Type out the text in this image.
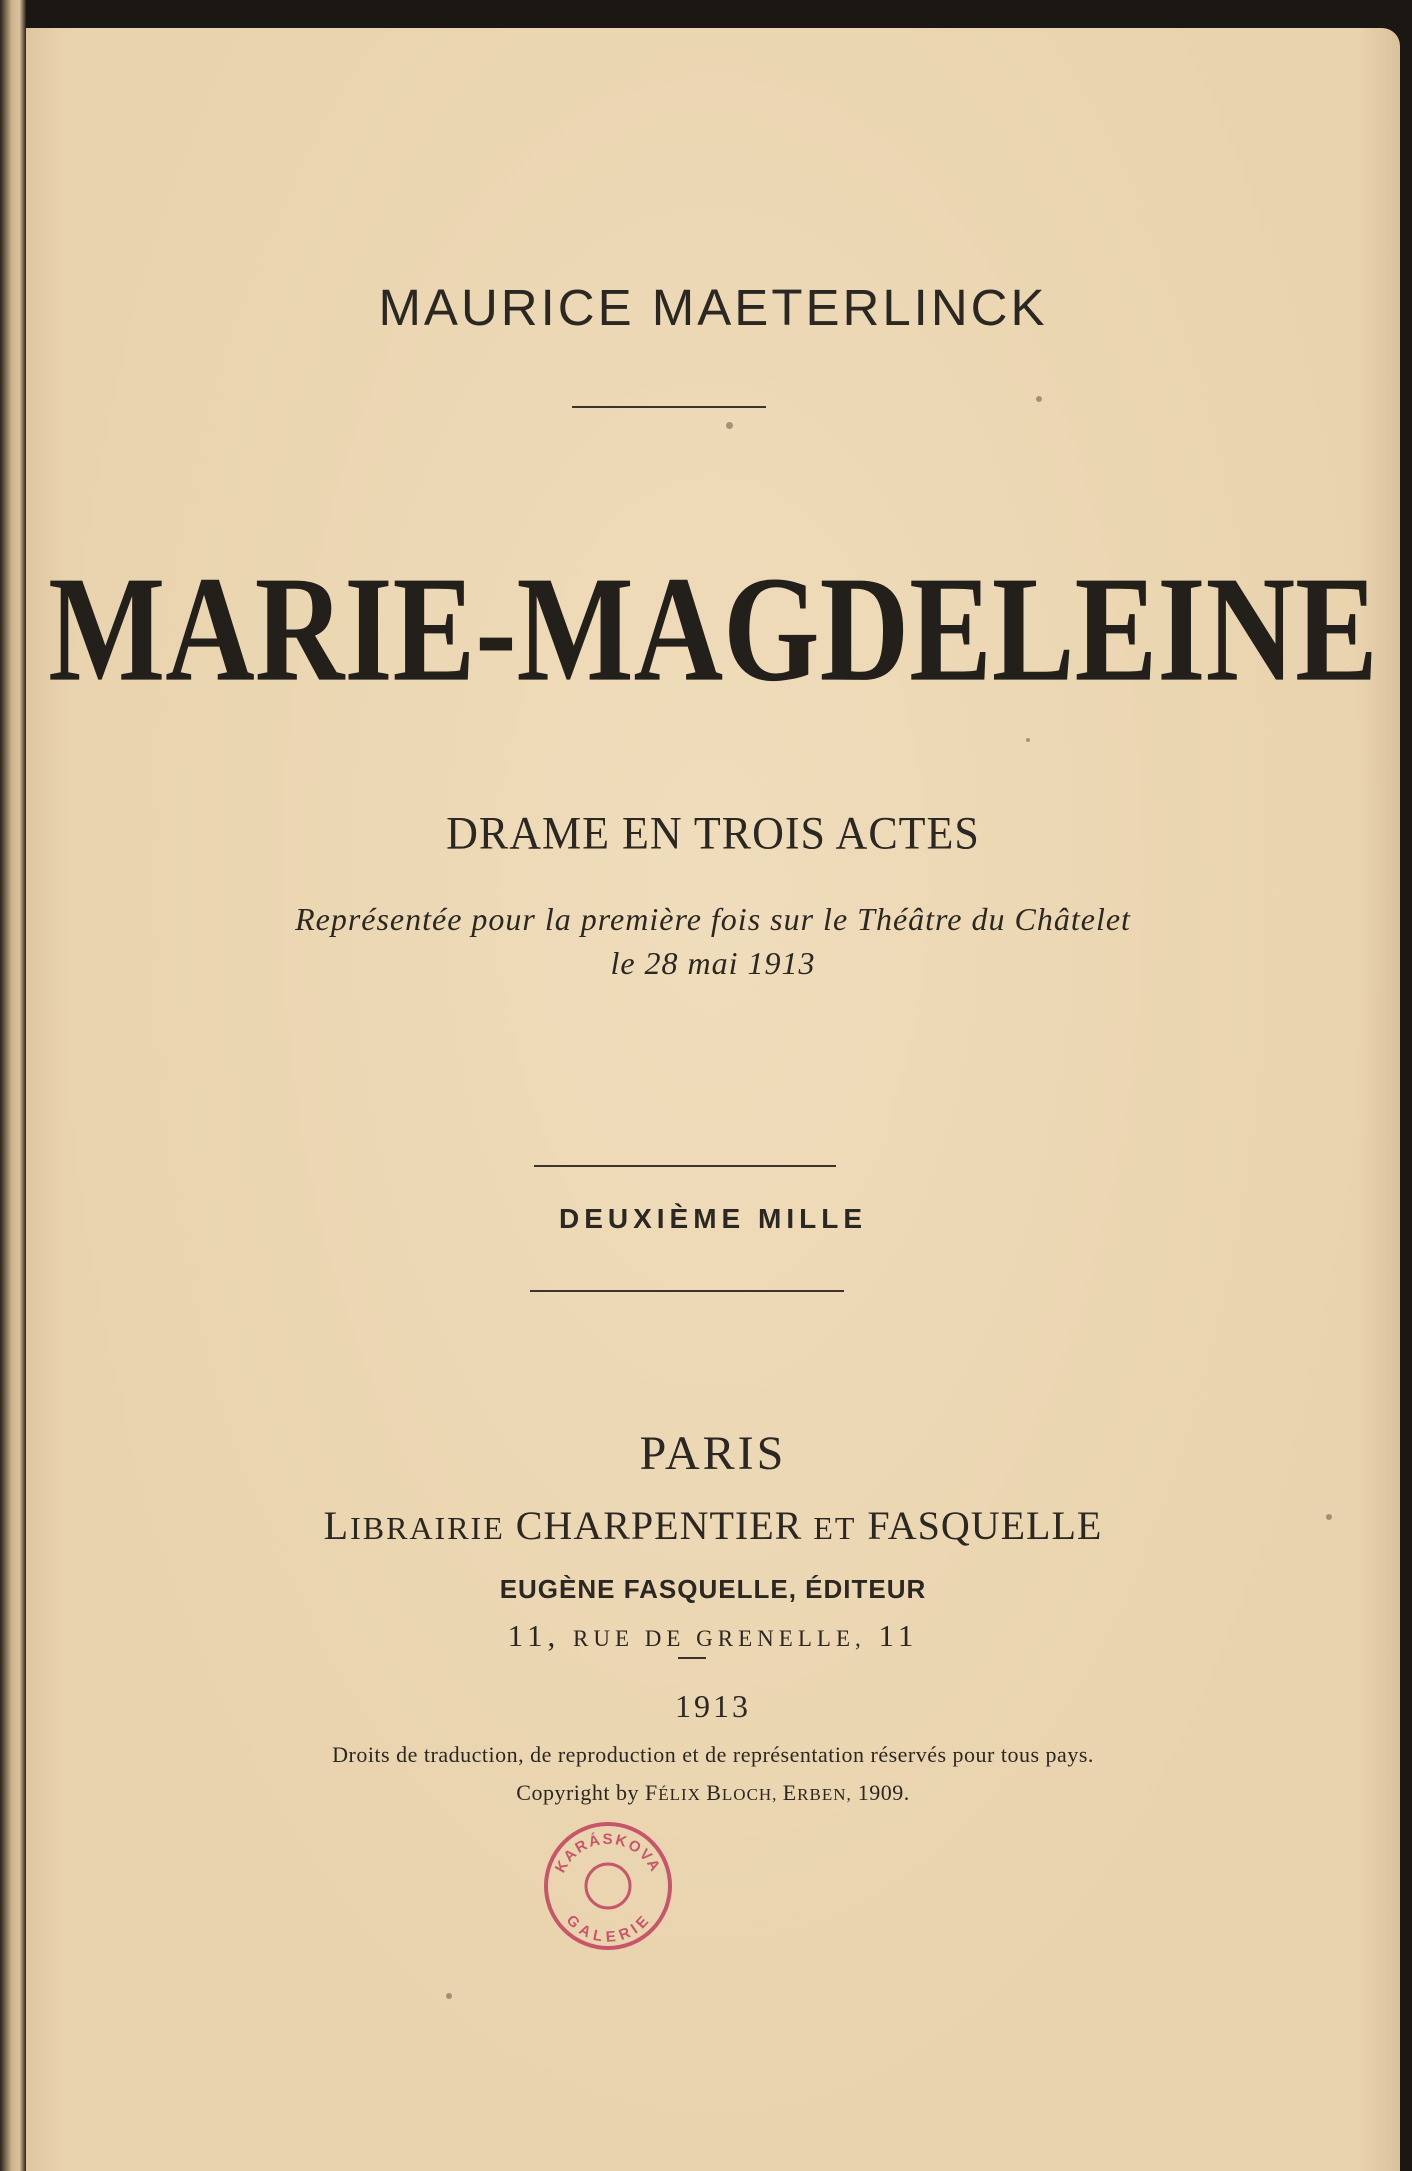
MAURICE MAETERLINCK
MARIE-MAGDELEINE
DRAME EN TROIS ACTES
Représentée pour la première fois sur le Théâtre du Châtelet
le 28 mai 1913
DEUXIÈME MILLE
PARIS
LIBRAIRIE CHARPENTIER ET FASQUELLE
EUGÈNE FASQUELLE, ÉDITEUR
11, RUE DE GRENELLE, 11
1913
Droits de traduction, de reproduction et de représentation réservés pour tous pays.
Copyright by FÉLIX BLOCH, ERBEN, 1909.
KARÁSKOVA
GALERIE
